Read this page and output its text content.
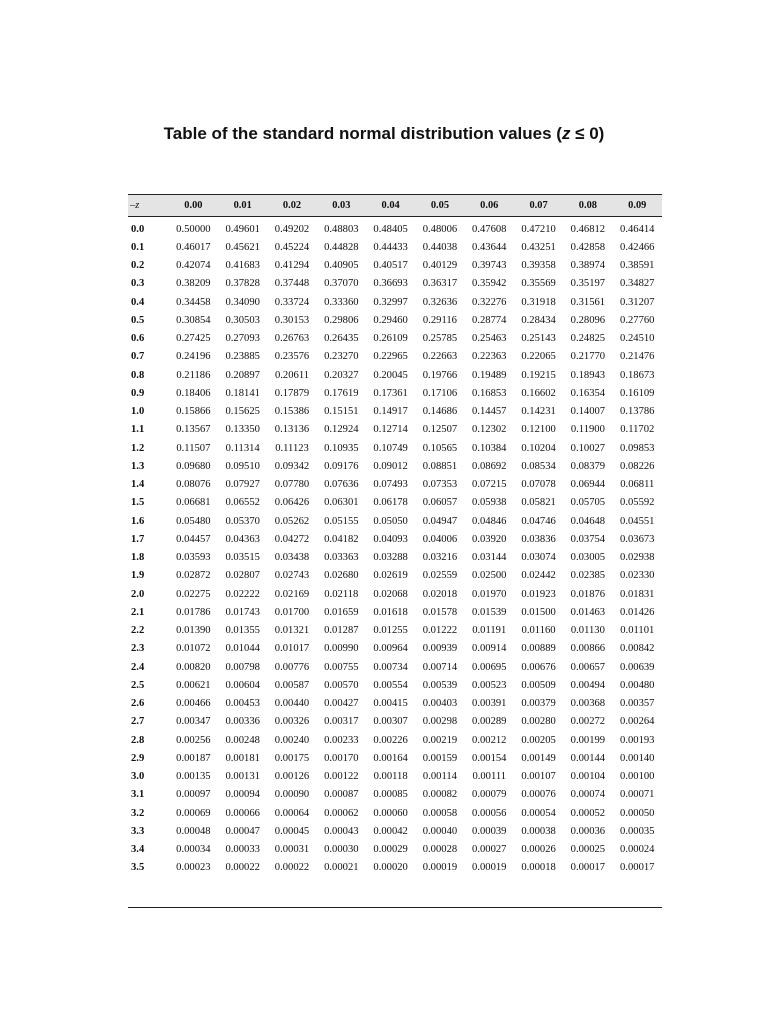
Table of the standard normal distribution values (z ≤ 0)
–z	0.00	0.01	0.02	0.03	0.04	0.05	0.06	0.07	0.08	0.09
0.0	0.50000	0.49601	0.49202	0.48803	0.48405	0.48006	0.47608	0.47210	0.46812	0.46414
0.1	0.46017	0.45621	0.45224	0.44828	0.44433	0.44038	0.43644	0.43251	0.42858	0.42466
0.2	0.42074	0.41683	0.41294	0.40905	0.40517	0.40129	0.39743	0.39358	0.38974	0.38591
0.3	0.38209	0.37828	0.37448	0.37070	0.36693	0.36317	0.35942	0.35569	0.35197	0.34827
0.4	0.34458	0.34090	0.33724	0.33360	0.32997	0.32636	0.32276	0.31918	0.31561	0.31207
0.5	0.30854	0.30503	0.30153	0.29806	0.29460	0.29116	0.28774	0.28434	0.28096	0.27760
0.6	0.27425	0.27093	0.26763	0.26435	0.26109	0.25785	0.25463	0.25143	0.24825	0.24510
0.7	0.24196	0.23885	0.23576	0.23270	0.22965	0.22663	0.22363	0.22065	0.21770	0.21476
0.8	0.21186	0.20897	0.20611	0.20327	0.20045	0.19766	0.19489	0.19215	0.18943	0.18673
0.9	0.18406	0.18141	0.17879	0.17619	0.17361	0.17106	0.16853	0.16602	0.16354	0.16109
1.0	0.15866	0.15625	0.15386	0.15151	0.14917	0.14686	0.14457	0.14231	0.14007	0.13786
1.1	0.13567	0.13350	0.13136	0.12924	0.12714	0.12507	0.12302	0.12100	0.11900	0.11702
1.2	0.11507	0.11314	0.11123	0.10935	0.10749	0.10565	0.10384	0.10204	0.10027	0.09853
1.3	0.09680	0.09510	0.09342	0.09176	0.09012	0.08851	0.08692	0.08534	0.08379	0.08226
1.4	0.08076	0.07927	0.07780	0.07636	0.07493	0.07353	0.07215	0.07078	0.06944	0.06811
1.5	0.06681	0.06552	0.06426	0.06301	0.06178	0.06057	0.05938	0.05821	0.05705	0.05592
1.6	0.05480	0.05370	0.05262	0.05155	0.05050	0.04947	0.04846	0.04746	0.04648	0.04551
1.7	0.04457	0.04363	0.04272	0.04182	0.04093	0.04006	0.03920	0.03836	0.03754	0.03673
1.8	0.03593	0.03515	0.03438	0.03363	0.03288	0.03216	0.03144	0.03074	0.03005	0.02938
1.9	0.02872	0.02807	0.02743	0.02680	0.02619	0.02559	0.02500	0.02442	0.02385	0.02330
2.0	0.02275	0.02222	0.02169	0.02118	0.02068	0.02018	0.01970	0.01923	0.01876	0.01831
2.1	0.01786	0.01743	0.01700	0.01659	0.01618	0.01578	0.01539	0.01500	0.01463	0.01426
2.2	0.01390	0.01355	0.01321	0.01287	0.01255	0.01222	0.01191	0.01160	0.01130	0.01101
2.3	0.01072	0.01044	0.01017	0.00990	0.00964	0.00939	0.00914	0.00889	0.00866	0.00842
2.4	0.00820	0.00798	0.00776	0.00755	0.00734	0.00714	0.00695	0.00676	0.00657	0.00639
2.5	0.00621	0.00604	0.00587	0.00570	0.00554	0.00539	0.00523	0.00509	0.00494	0.00480
2.6	0.00466	0.00453	0.00440	0.00427	0.00415	0.00403	0.00391	0.00379	0.00368	0.00357
2.7	0.00347	0.00336	0.00326	0.00317	0.00307	0.00298	0.00289	0.00280	0.00272	0.00264
2.8	0.00256	0.00248	0.00240	0.00233	0.00226	0.00219	0.00212	0.00205	0.00199	0.00193
2.9	0.00187	0.00181	0.00175	0.00170	0.00164	0.00159	0.00154	0.00149	0.00144	0.00140
3.0	0.00135	0.00131	0.00126	0.00122	0.00118	0.00114	0.00111	0.00107	0.00104	0.00100
3.1	0.00097	0.00094	0.00090	0.00087	0.00085	0.00082	0.00079	0.00076	0.00074	0.00071
3.2	0.00069	0.00066	0.00064	0.00062	0.00060	0.00058	0.00056	0.00054	0.00052	0.00050
3.3	0.00048	0.00047	0.00045	0.00043	0.00042	0.00040	0.00039	0.00038	0.00036	0.00035
3.4	0.00034	0.00033	0.00031	0.00030	0.00029	0.00028	0.00027	0.00026	0.00025	0.00024
3.5	0.00023	0.00022	0.00022	0.00021	0.00020	0.00019	0.00019	0.00018	0.00017	0.00017
